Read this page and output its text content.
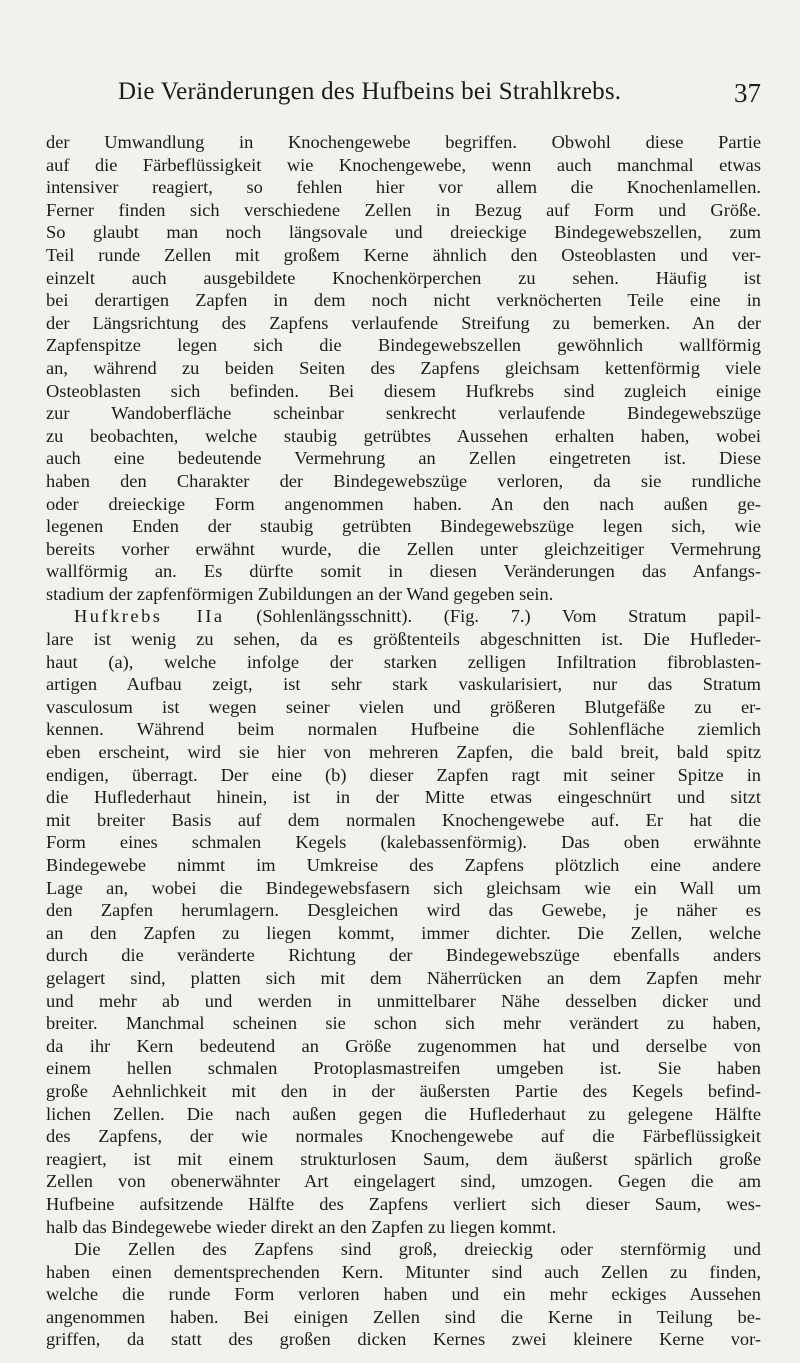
Die Veränderungen des Hufbeins bei Strahlkrebs.	37
der Umwandlung in Knochengewebe begriffen. Obwohl diese Partie
auf die Färbeflüssigkeit wie Knochengewebe, wenn auch manchmal etwas
intensiver reagiert, so fehlen hier vor allem die Knochenlamellen.
Ferner finden sich verschiedene Zellen in Bezug auf Form und Größe.
So glaubt man noch längsovale und dreieckige Bindegewebszellen, zum
Teil runde Zellen mit großem Kerne ähnlich den Osteoblasten und ver-
einzelt auch ausgebildete Knochenkörperchen zu sehen. Häufig ist
bei derartigen Zapfen in dem noch nicht verknöcherten Teile eine in
der Längsrichtung des Zapfens verlaufende Streifung zu bemerken. An der
Zapfenspitze legen sich die Bindegewebszellen gewöhnlich wallförmig
an, während zu beiden Seiten des Zapfens gleichsam kettenförmig viele
Osteoblasten sich befinden. Bei diesem Hufkrebs sind zugleich einige
zur Wandoberfläche scheinbar senkrecht verlaufende Bindegewebszüge
zu beobachten, welche staubig getrübtes Aussehen erhalten haben, wobei
auch eine bedeutende Vermehrung an Zellen eingetreten ist. Diese
haben den Charakter der Bindegewebszüge verloren, da sie rundliche
oder dreieckige Form angenommen haben. An den nach außen ge-
legenen Enden der staubig getrübten Bindegewebszüge legen sich, wie
bereits vorher erwähnt wurde, die Zellen unter gleichzeitiger Vermehrung
wallförmig an. Es dürfte somit in diesen Veränderungen das Anfangs-
stadium der zapfenförmigen Zubildungen an der Wand gegeben sein.
Hufkrebs IIa (Sohlenlängsschnitt). (Fig. 7.) Vom Stratum papil-
lare ist wenig zu sehen, da es größtenteils abgeschnitten ist. Die Hufleder-
haut (a), welche infolge der starken zelligen Infiltration fibroblasten-
artigen Aufbau zeigt, ist sehr stark vaskularisiert, nur das Stratum
vasculosum ist wegen seiner vielen und größeren Blutgefäße zu er-
kennen. Während beim normalen Hufbeine die Sohlenfläche ziemlich
eben erscheint, wird sie hier von mehreren Zapfen, die bald breit, bald spitz
endigen, überragt. Der eine (b) dieser Zapfen ragt mit seiner Spitze in
die Huflederhaut hinein, ist in der Mitte etwas eingeschnürt und sitzt
mit breiter Basis auf dem normalen Knochengewebe auf. Er hat die
Form eines schmalen Kegels (kalebassenförmig). Das oben erwähnte
Bindegewebe nimmt im Umkreise des Zapfens plötzlich eine andere
Lage an, wobei die Bindegewebsfasern sich gleichsam wie ein Wall um
den Zapfen herumlagern. Desgleichen wird das Gewebe, je näher es
an den Zapfen zu liegen kommt, immer dichter. Die Zellen, welche
durch die veränderte Richtung der Bindegewebszüge ebenfalls anders
gelagert sind, platten sich mit dem Näherrücken an dem Zapfen mehr
und mehr ab und werden in unmittelbarer Nähe desselben dicker und
breiter. Manchmal scheinen sie schon sich mehr verändert zu haben,
da ihr Kern bedeutend an Größe zugenommen hat und derselbe von
einem hellen schmalen Protoplasmastreifen umgeben ist. Sie haben
große Aehnlichkeit mit den in der äußersten Partie des Kegels befind-
lichen Zellen. Die nach außen gegen die Huflederhaut zu gelegene Hälfte
des Zapfens, der wie normales Knochengewebe auf die Färbeflüssigkeit
reagiert, ist mit einem strukturlosen Saum, dem äußerst spärlich große
Zellen von obenerwähnter Art eingelagert sind, umzogen. Gegen die am
Hufbeine aufsitzende Hälfte des Zapfens verliert sich dieser Saum, wes-
halb das Bindegewebe wieder direkt an den Zapfen zu liegen kommt.
Die Zellen des Zapfens sind groß, dreieckig oder sternförmig und
haben einen dementsprechenden Kern. Mitunter sind auch Zellen zu finden,
welche die runde Form verloren haben und ein mehr eckiges Aussehen
angenommen haben. Bei einigen Zellen sind die Kerne in Teilung be-
griffen, da statt des großen dicken Kernes zwei kleinere Kerne vor-
